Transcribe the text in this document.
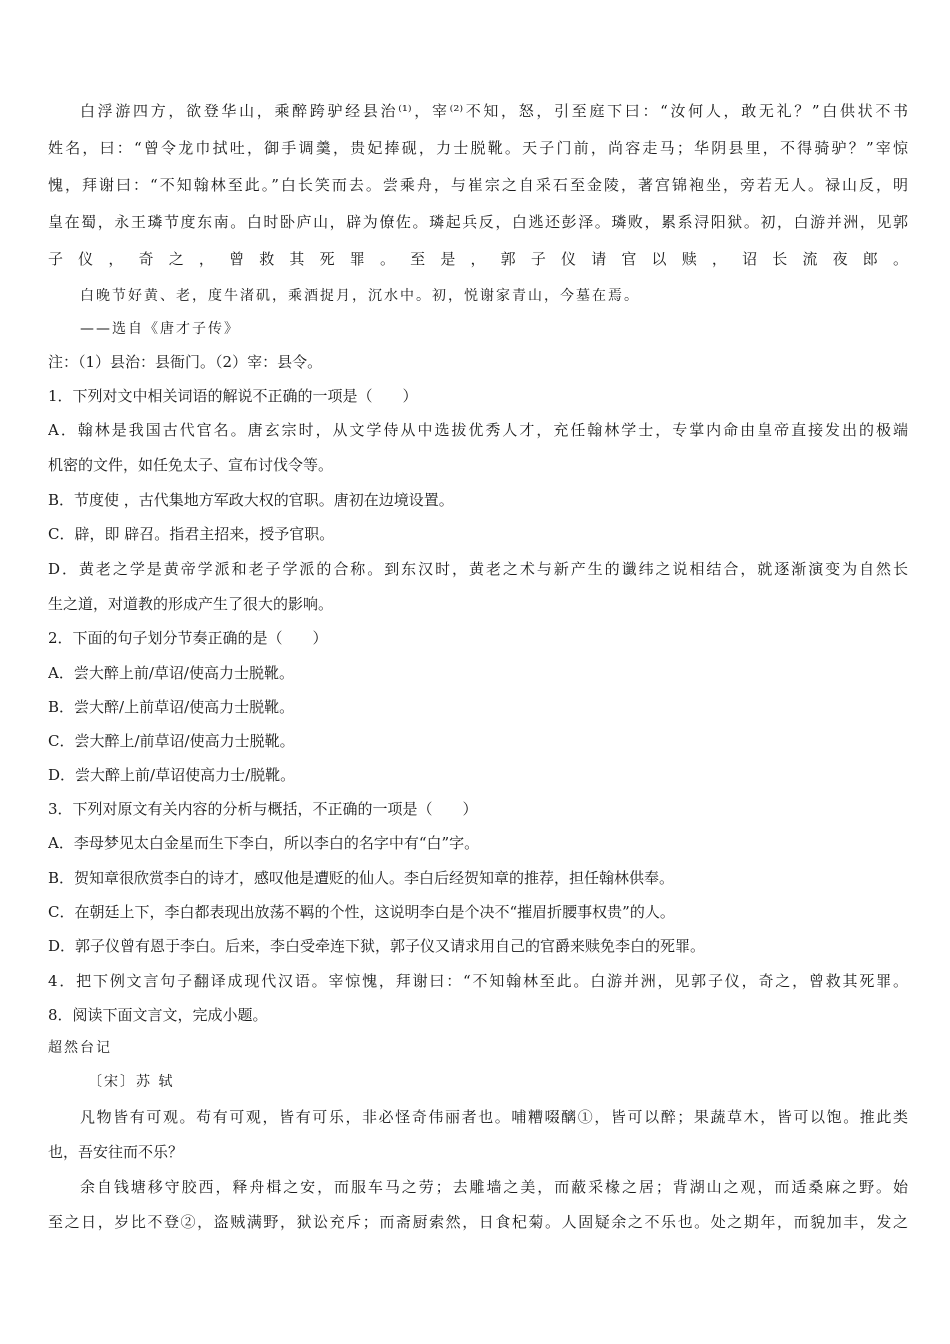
白浮游四方，欲登华山，乘醉跨驴经县治⁽¹⁾，宰⁽²⁾不知，怒，引至庭下曰：“汝何人，敢无礼？”白供状不书
姓名，曰：“曾令龙巾拭吐，御手调羹，贵妃捧砚，力士脱靴。天子门前，尚容走马；华阴县里，不得骑驴？”宰惊
愧，拜谢曰：“不知翰林至此。”白长笑而去。尝乘舟，与崔宗之自采石至金陵，著宫锦袍坐，旁若无人。禄山反，明
皇在蜀，永王璘节度东南。白时卧庐山，辟为僚佐。璘起兵反，白逃还彭泽。璘败，累系浔阳狱。初，白游并洲，见郭
子仪，奇之，曾救其死罪。至是，郭子仪请官以赎，诏长流夜郎。
白晚节好黄、老，度牛渚矶，乘酒捉月，沉水中。初，悦谢家青山，今墓在焉。
——选自《唐才子传》
注：（1）县治：县衙门。（2）宰：县令。
1．下列对文中相关词语的解说不正确的一项是（　　）
A．翰林是我国古代官名。唐玄宗时，从文学侍从中选拔优秀人才，充任翰林学士，专掌内命由皇帝直接发出的极端
机密的文件，如任免太子、宣布讨伐令等。
B．节度使 ，古代集地方军政大权的官职。唐初在边境设置。
C．辟，即 辟召。指君主招来，授予官职。
D．黄老之学是黄帝学派和老子学派的合称。到东汉时，黄老之术与新产生的谶纬之说相结合，就逐渐演变为自然长
生之道，对道教的形成产生了很大的影响。
2．下面的句子划分节奏正确的是（　　）
A．尝大醉上前/草诏/使高力士脱靴。
B．尝大醉/上前草诏/使高力士脱靴。
C．尝大醉上/前草诏/使高力士脱靴。
D．尝大醉上前/草诏使高力士/脱靴。
3．下列对原文有关内容的分析与概括，不正确的一项是（　　）
A．李母梦见太白金星而生下李白，所以李白的名字中有“白”字。
B．贺知章很欣赏李白的诗才，感叹他是遭贬的仙人。李白后经贺知章的推荐，担任翰林供奉。
C．在朝廷上下，李白都表现出放荡不羁的个性，这说明李白是个决不“摧眉折腰事权贵”的人。
D．郭子仪曾有恩于李白。后来，李白受牵连下狱，郭子仪又请求用自己的官爵来赎免李白的死罪。
4．把下例文言句子翻译成现代汉语。宰惊愧，拜谢曰：“不知翰林至此。白游并洲，见郭子仪，奇之，曾救其死罪。
8．阅读下面文言文，完成小题。
超然台记
〔宋〕苏 轼
凡物皆有可观。苟有可观，皆有可乐，非必怪奇伟丽者也。哺糟啜醨①，皆可以醉；果蔬草木，皆可以饱。推此类
也，吾安往而不乐？
余自钱塘移守胶西，释舟楫之安，而服车马之劳；去雕墙之美，而蔽采椽之居；背湖山之观，而适桑麻之野。始
至之日，岁比不登②，盗贼满野，狱讼充斥；而斋厨索然，日食杞菊。人固疑余之不乐也。处之期年，而貌加丰，发之
